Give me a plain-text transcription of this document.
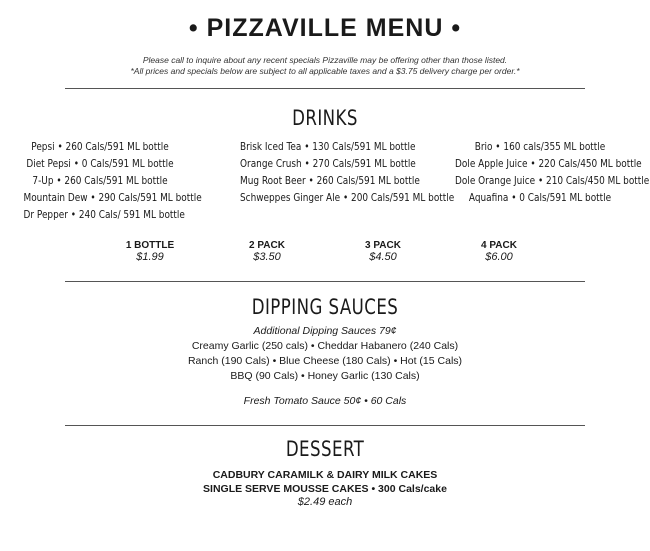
• PIZZAVILLE MENU •
Please call to inquire about any recent specials Pizzaville may be offering other than those listed.
*All prices and specials below are subject to all applicable taxes and a $3.75 delivery charge per order.*
DRINKS
Pepsi • 260 Cals/591 ML bottle
Diet Pepsi • 0 Cals/591 ML bottle
7-Up • 260 Cals/591 ML bottle
Mountain Dew • 290 Cals/591 ML bottle
Dr Pepper • 240 Cals/ 591 ML bottle
Brisk Iced Tea • 130 Cals/591 ML bottle
Orange Crush • 270 Cals/591 ML bottle
Mug Root Beer • 260 Cals/591 ML bottle
Schweppes Ginger Ale • 200 Cals/591 ML bottle
Brio • 160 cals/355 ML bottle
Dole Apple Juice • 220 Cals/450 ML bottle
Dole Orange Juice • 210 Cals/450 ML bottle
Aquafina • 0 Cals/591 ML bottle
1 BOTTLE
$1.99
2 PACK
$3.50
3 PACK
$4.50
4 PACK
$6.00
DIPPING SAUCES
Additional Dipping Sauces 79¢
Creamy Garlic (250 cals) • Cheddar Habanero (240 Cals)
Ranch (190 Cals) • Blue Cheese (180 Cals) • Hot (15 Cals)
BBQ (90 Cals) • Honey Garlic (130 Cals)
Fresh Tomato Sauce 50¢ • 60 Cals
DESSERT
CADBURY CARAMILK & DAIRY MILK CAKES
SINGLE SERVE MOUSSE CAKES • 300 Cals/cake
$2.49 each
